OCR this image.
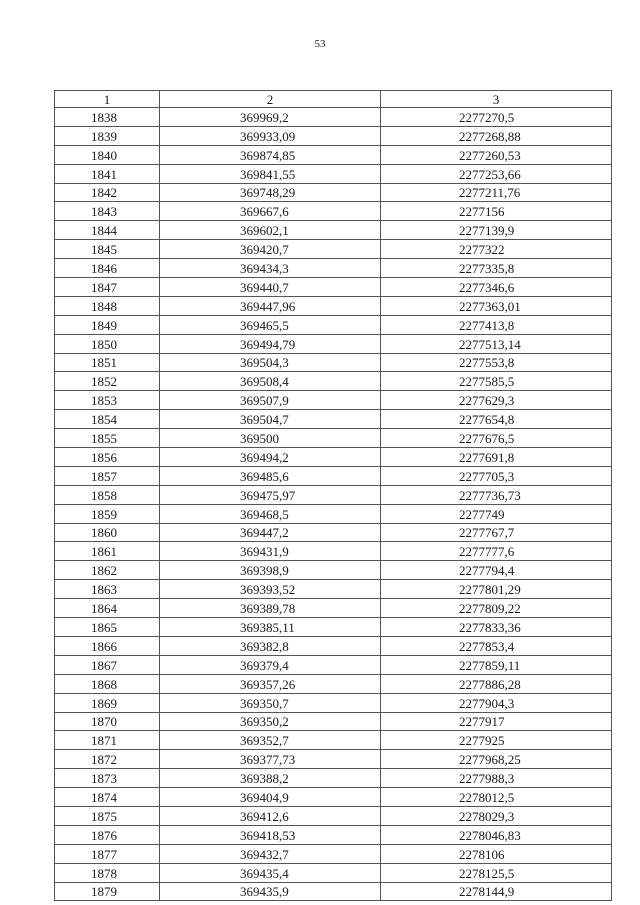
53
1	2	3
1838	369969,2	2277270,5
1839	369933,09	2277268,88
1840	369874,85	2277260,53
1841	369841,55	2277253,66
1842	369748,29	2277211,76
1843	369667,6	2277156
1844	369602,1	2277139,9
1845	369420,7	2277322
1846	369434,3	2277335,8
1847	369440,7	2277346,6
1848	369447,96	2277363,01
1849	369465,5	2277413,8
1850	369494,79	2277513,14
1851	369504,3	2277553,8
1852	369508,4	2277585,5
1853	369507,9	2277629,3
1854	369504,7	2277654,8
1855	369500	2277676,5
1856	369494,2	2277691,8
1857	369485,6	2277705,3
1858	369475,97	2277736,73
1859	369468,5	2277749
1860	369447,2	2277767,7
1861	369431,9	2277777,6
1862	369398,9	2277794,4
1863	369393,52	2277801,29
1864	369389,78	2277809,22
1865	369385,11	2277833,36
1866	369382,8	2277853,4
1867	369379,4	2277859,11
1868	369357,26	2277886,28
1869	369350,7	2277904,3
1870	369350,2	2277917
1871	369352,7	2277925
1872	369377,73	2277968,25
1873	369388,2	2277988,3
1874	369404,9	2278012,5
1875	369412,6	2278029,3
1876	369418,53	2278046,83
1877	369432,7	2278106
1878	369435,4	2278125,5
1879	369435,9	2278144,9
